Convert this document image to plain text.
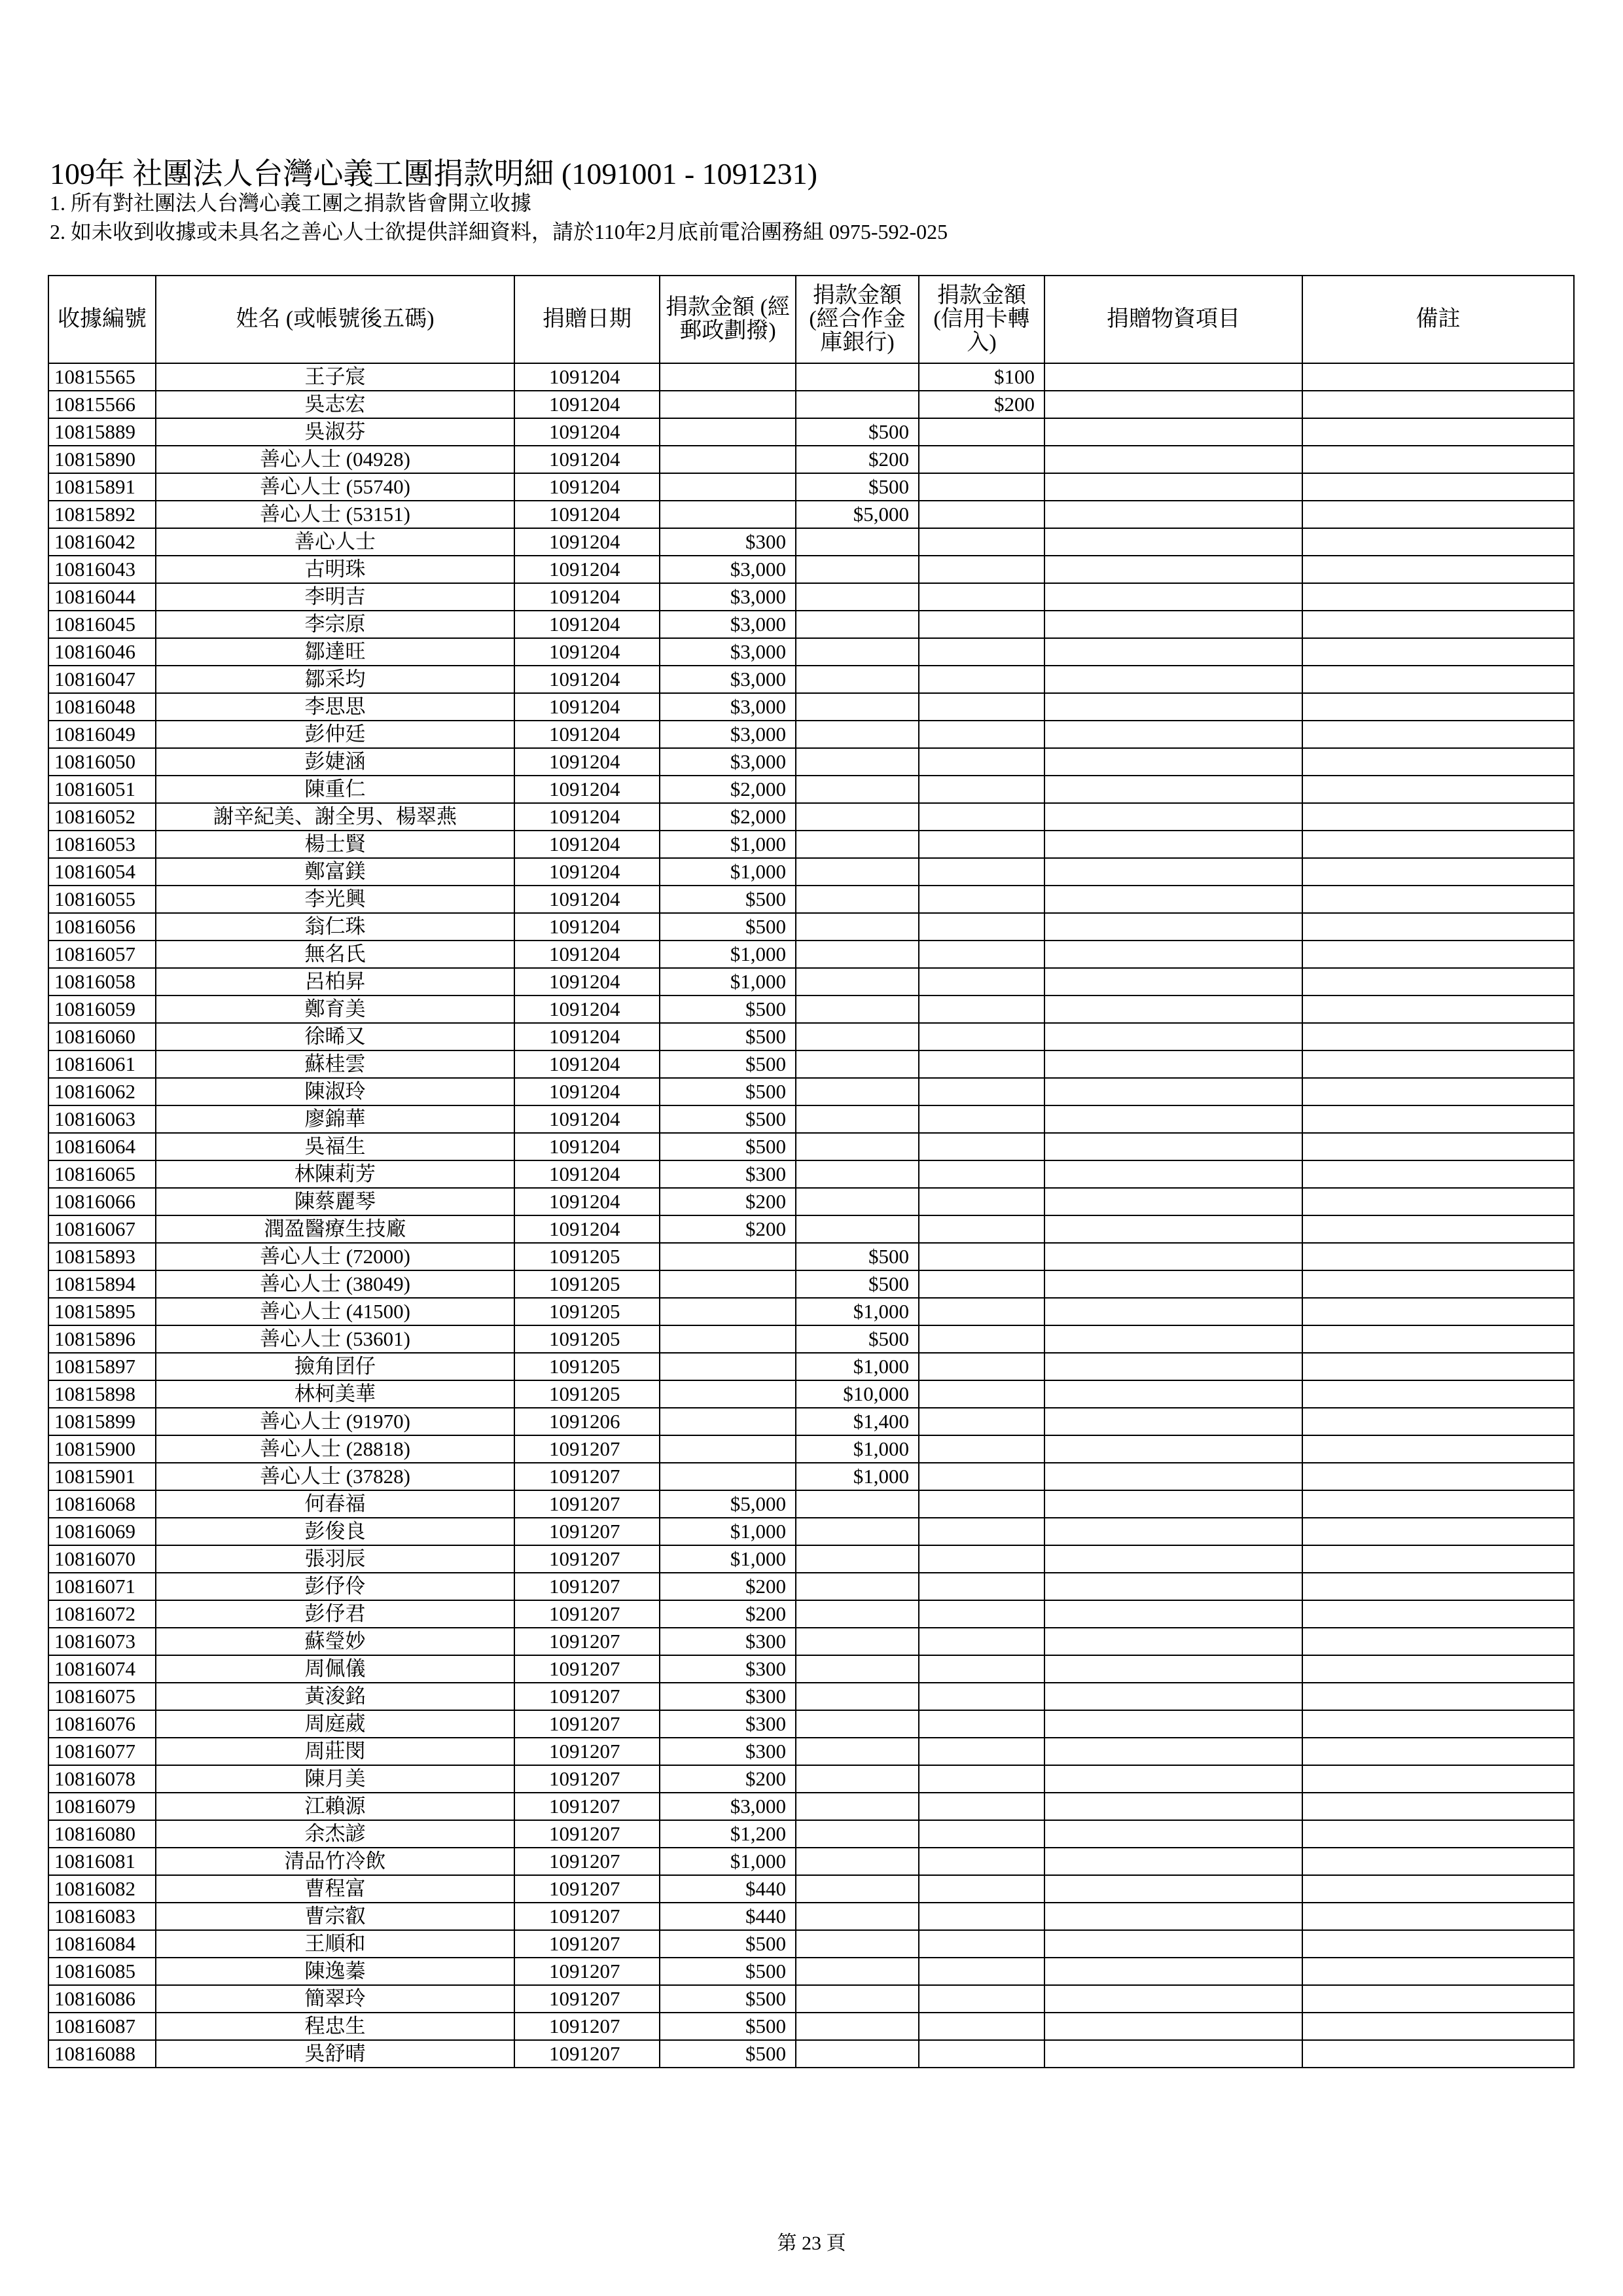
109年 社團法人台灣心義工團捐款明細 (1091001 - 1091231)
1. 所有對社團法人台灣心義工團之捐款皆會開立收據
2. 如未收到收據或未具名之善心人士欲提供詳細資料，請於110年2月底前電洽團務組 0975-592-025
收據編號	姓名 (或帳號後五碼)	捐贈日期	捐款金額 (經郵政劃撥)	捐款金額 (經合作金庫銀行)	捐款金額 (信用卡轉入)	捐贈物資項目	備註
10815565	王子宸	1091204			$100		
10815566	吳志宏	1091204			$200		
10815889	吳淑芬	1091204		$500			
10815890	善心人士 (04928)	1091204		$200			
10815891	善心人士 (55740)	1091204		$500			
10815892	善心人士 (53151)	1091204		$5,000			
10816042	善心人士	1091204	$300				
10816043	古明珠	1091204	$3,000				
10816044	李明吉	1091204	$3,000				
10816045	李宗原	1091204	$3,000				
10816046	鄒達旺	1091204	$3,000				
10816047	鄒采均	1091204	$3,000				
10816048	李思思	1091204	$3,000				
10816049	彭仲廷	1091204	$3,000				
10816050	彭婕涵	1091204	$3,000				
10816051	陳重仁	1091204	$2,000				
10816052	謝辛紀美、謝全男、楊翠燕	1091204	$2,000				
10816053	楊士賢	1091204	$1,000				
10816054	鄭富鎂	1091204	$1,000				
10816055	李光興	1091204	$500				
10816056	翁仁珠	1091204	$500				
10816057	無名氏	1091204	$1,000				
10816058	呂柏昇	1091204	$1,000				
10816059	鄭育美	1091204	$500				
10816060	徐晞又	1091204	$500				
10816061	蘇桂雲	1091204	$500				
10816062	陳淑玲	1091204	$500				
10816063	廖錦華	1091204	$500				
10816064	吳福生	1091204	$500				
10816065	林陳莉芳	1091204	$300				
10816066	陳蔡麗琴	1091204	$200				
10816067	潤盈醫療生技廠	1091204	$200				
10815893	善心人士 (72000)	1091205		$500			
10815894	善心人士 (38049)	1091205		$500			
10815895	善心人士 (41500)	1091205		$1,000			
10815896	善心人士 (53601)	1091205		$500			
10815897	撿角囝仔	1091205		$1,000			
10815898	林柯美華	1091205		$10,000			
10815899	善心人士 (91970)	1091206		$1,400			
10815900	善心人士 (28818)	1091207		$1,000			
10815901	善心人士 (37828)	1091207		$1,000			
10816068	何春福	1091207	$5,000				
10816069	彭俊良	1091207	$1,000				
10816070	張羽辰	1091207	$1,000				
10816071	彭伃伶	1091207	$200				
10816072	彭伃君	1091207	$200				
10816073	蘇瑩妙	1091207	$300				
10816074	周佩儀	1091207	$300				
10816075	黃浚銘	1091207	$300				
10816076	周庭葳	1091207	$300				
10816077	周莊閔	1091207	$300				
10816078	陳月美	1091207	$200				
10816079	江賴源	1091207	$3,000				
10816080	余杰諺	1091207	$1,200				
10816081	清品竹冷飲	1091207	$1,000				
10816082	曹程富	1091207	$440				
10816083	曹宗叡	1091207	$440				
10816084	王順和	1091207	$500				
10816085	陳逸蓁	1091207	$500				
10816086	簡翠玲	1091207	$500				
10816087	程忠生	1091207	$500				
10816088	吳舒晴	1091207	$500				
第 23 頁
